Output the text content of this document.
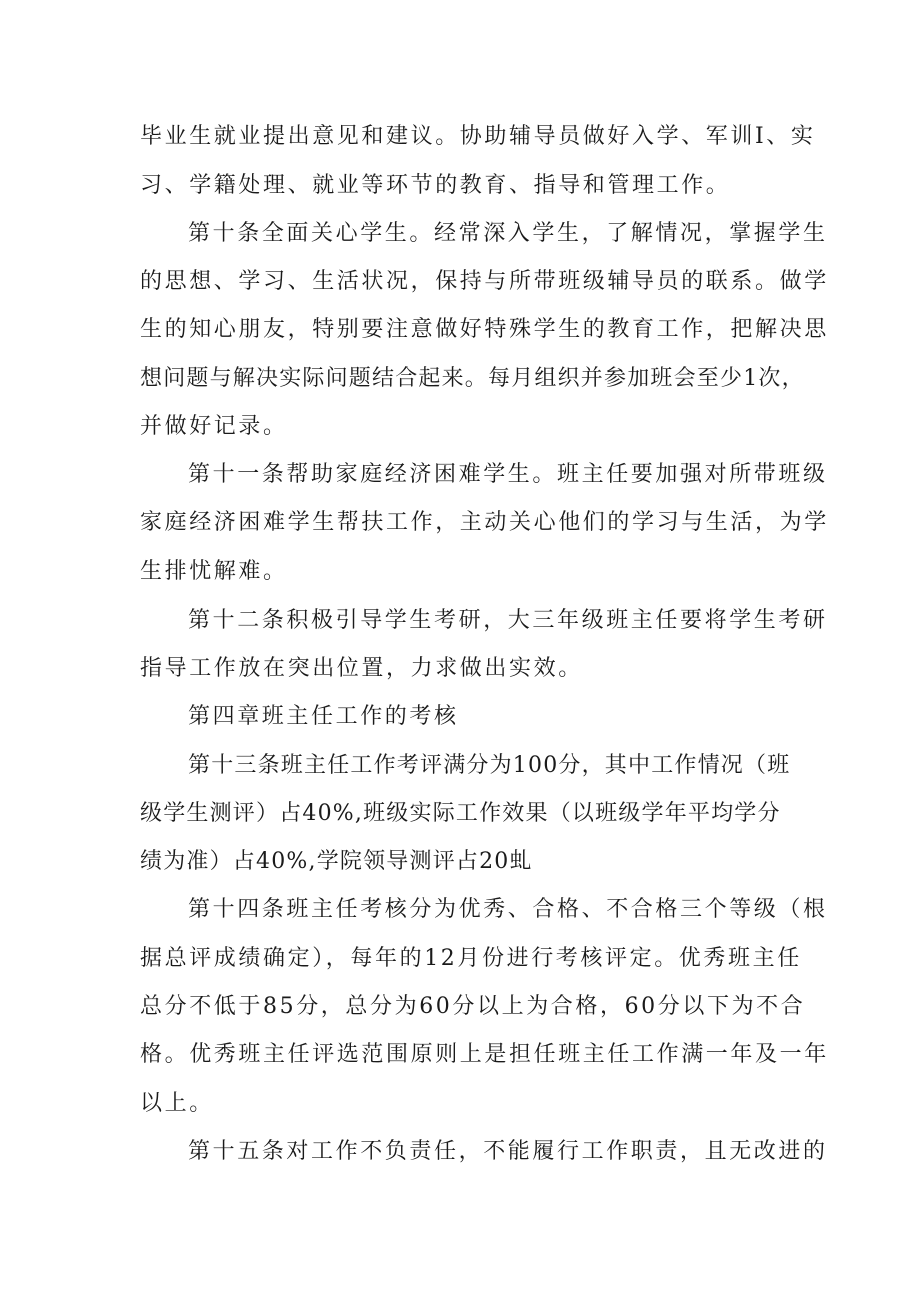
毕业生就业提出意见和建议。协助辅导员做好入学、军训I、实
习、学籍处理、就业等环节的教育、指导和管理工作。
第十条全面关心学生。经常深入学生，了解情况，掌握学生
的思想、学习、生活状况，保持与所带班级辅导员的联系。做学
生的知心朋友，特别要注意做好特殊学生的教育工作，把解决思
想问题与解决实际问题结合起来。每月组织并参加班会至少1次，
并做好记录。
第十一条帮助家庭经济困难学生。班主任要加强对所带班级
家庭经济困难学生帮扶工作，主动关心他们的学习与生活，为学
生排忧解难。
第十二条积极引导学生考研，大三年级班主任要将学生考研
指导工作放在突出位置，力求做出实效。
第四章班主任工作的考核
第十三条班主任工作考评满分为100分，其中工作情况（班
级学生测评）占40%,班级实际工作效果（以班级学年平均学分
绩为准）占40%,学院领导测评占20虬
第十四条班主任考核分为优秀、合格、不合格三个等级（根
据总评成绩确定），每年的12月份进行考核评定。优秀班主任
总分不低于85分，总分为60分以上为合格，60分以下为不合
格。优秀班主任评选范围原则上是担任班主任工作满一年及一年
以上。
第十五条对工作不负责任，不能履行工作职责，且无改进的
